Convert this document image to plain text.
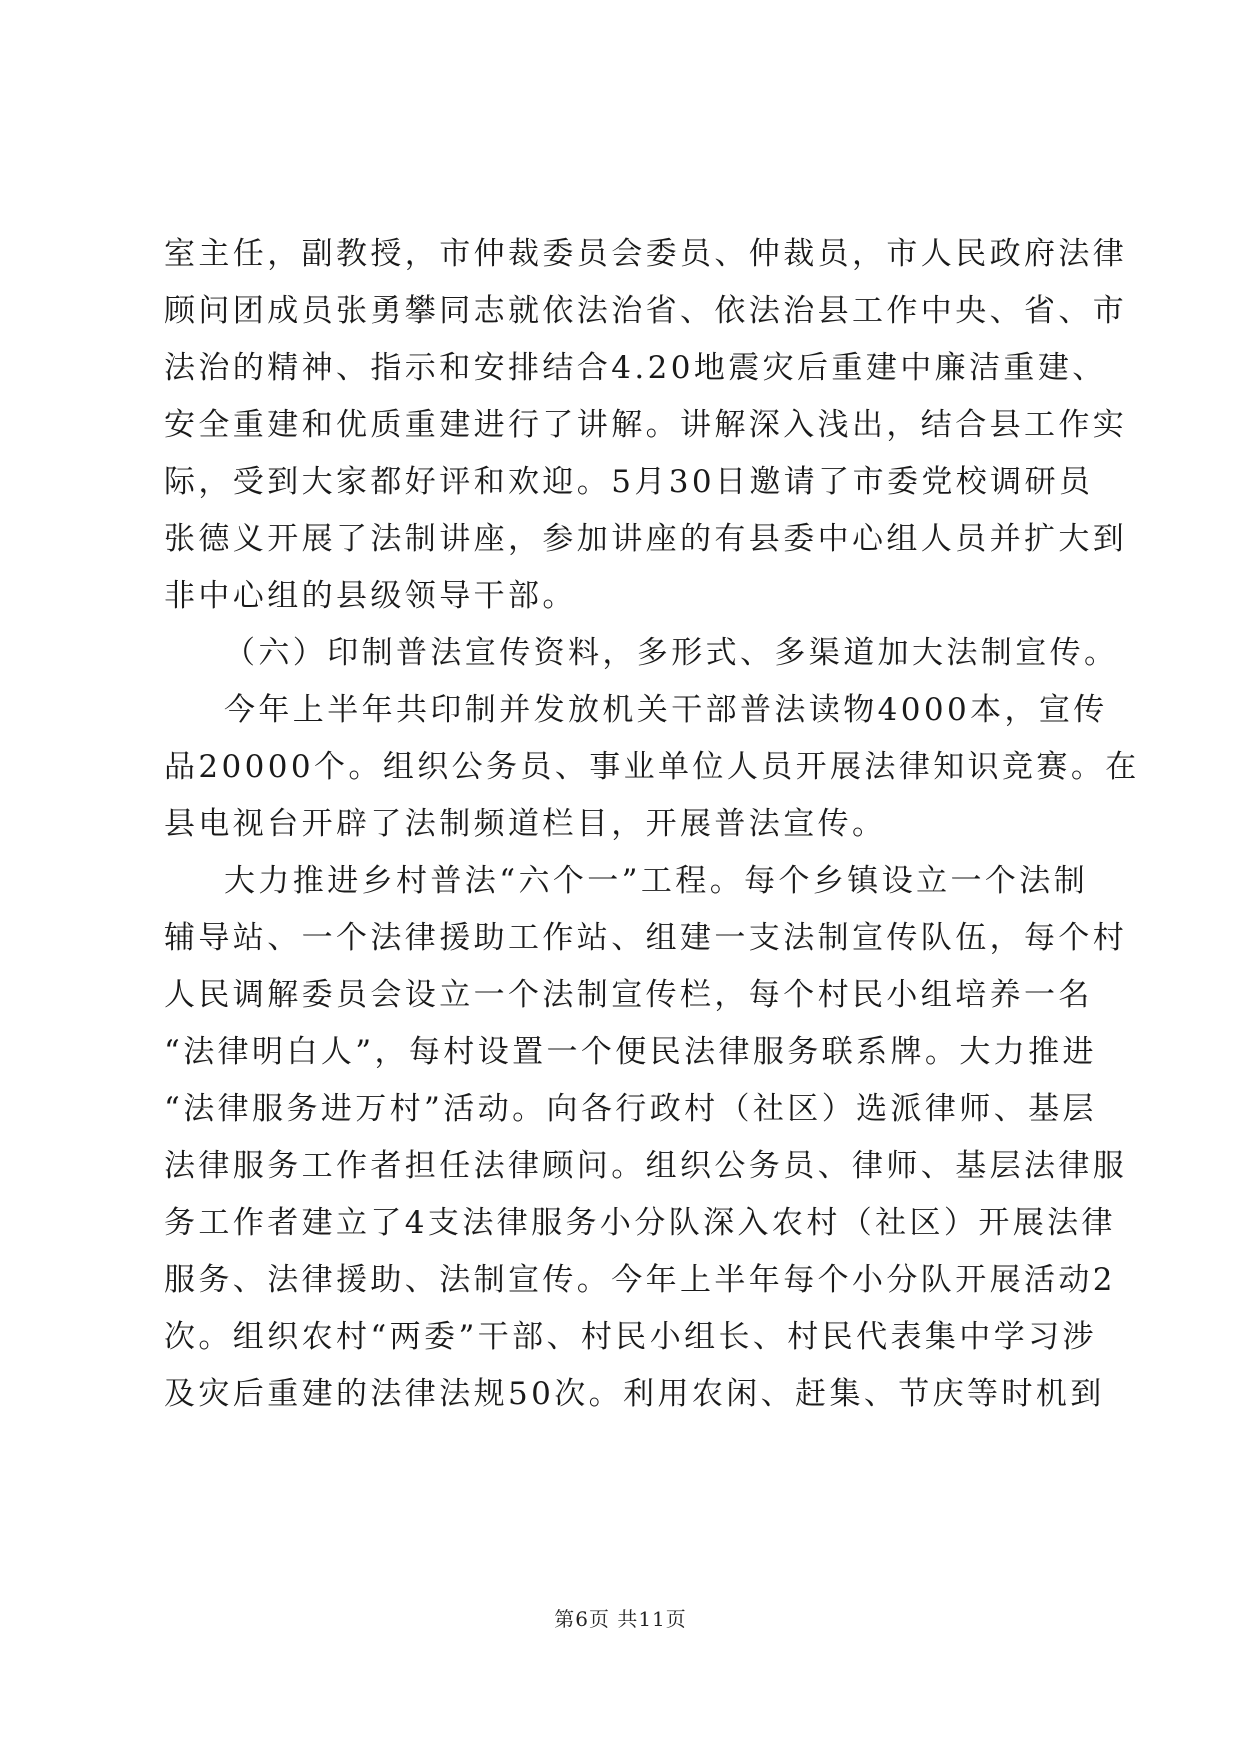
室主任，副教授，市仲裁委员会委员、仲裁员，市人民政府法律
顾问团成员张勇攀同志就依法治省、依法治县工作中央、省、市
法治的精神、指示和安排结合4.20地震灾后重建中廉洁重建、
安全重建和优质重建进行了讲解。讲解深入浅出，结合县工作实
际，受到大家都好评和欢迎。5月30日邀请了市委党校调研员
张德义开展了法制讲座，参加讲座的有县委中心组人员并扩大到
非中心组的县级领导干部。
（六）印制普法宣传资料，多形式、多渠道加大法制宣传。
今年上半年共印制并发放机关干部普法读物4000本，宣传
品20000个。组织公务员、事业单位人员开展法律知识竞赛。在
县电视台开辟了法制频道栏目，开展普法宣传。
大力推进乡村普法“六个一”工程。每个乡镇设立一个法制
辅导站、一个法律援助工作站、组建一支法制宣传队伍，每个村
人民调解委员会设立一个法制宣传栏，每个村民小组培养一名
“法律明白人”，每村设置一个便民法律服务联系牌。大力推进
“法律服务进万村”活动。向各行政村（社区）选派律师、基层
法律服务工作者担任法律顾问。组织公务员、律师、基层法律服
务工作者建立了4支法律服务小分队深入农村（社区）开展法律
服务、法律援助、法制宣传。今年上半年每个小分队开展活动2
次。组织农村“两委”干部、村民小组长、村民代表集中学习涉
及灾后重建的法律法规50次。利用农闲、赶集、节庆等时机到
第6页 共11页
